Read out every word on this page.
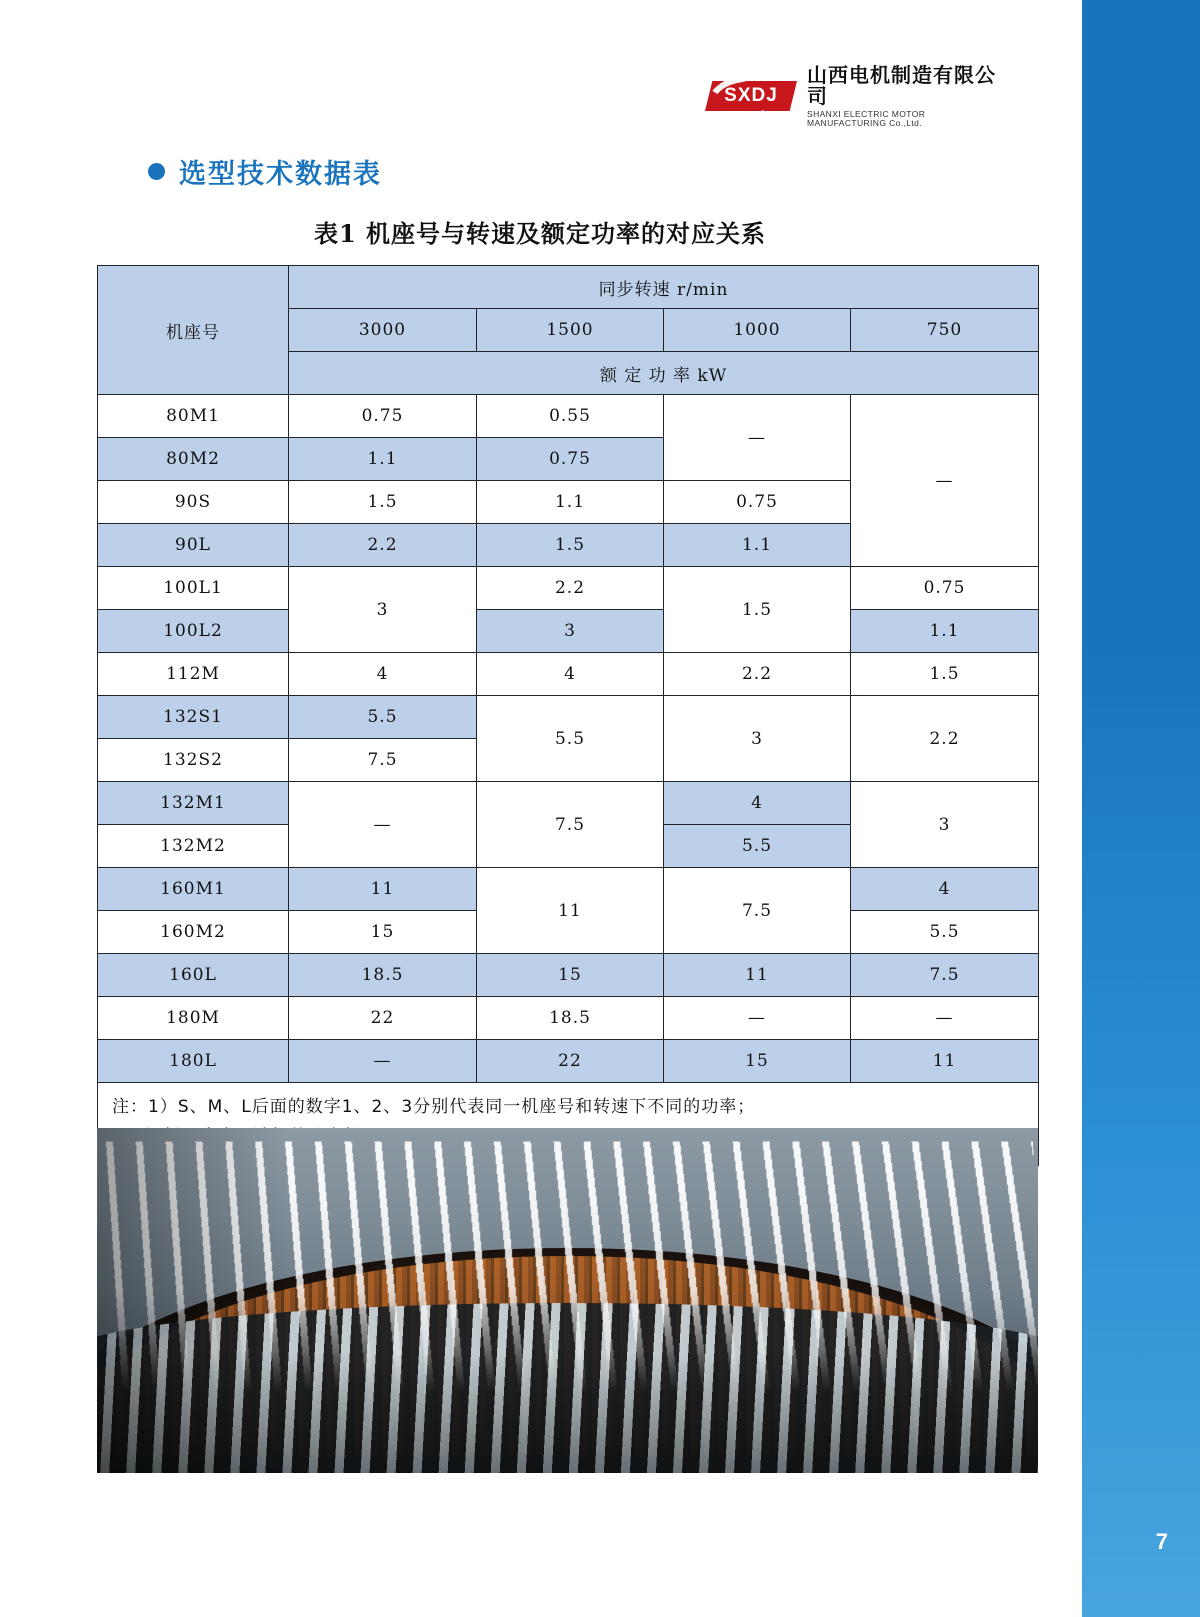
7
SXDJ
山西电机制造有限公司
SHANXI ELECTRIC MOTOR MANUFACTURING Co.,Ltd.
选型技术数据表
表1 机座号与转速及额定功率的对应关系
机座号	同步转速 r/min			
	3000	1500	1000	750
	额 定 功 率 kW			
80M1	0.75	0.55	—	—
80M2	1.1	0.75		
90S	1.5	1.1	0.75	
90L	2.2	1.5	1.1	
100L1	3	2.2	1.5	0.75
100L2		3		1.1
112M	4	4	2.2	1.5
132S1	5.5	5.5	3	2.2
132S2	7.5			
132M1	—	7.5	4	3
132M2			5.5	
160M1	11	11	7.5	4
160M2	15			5.5
160L	18.5	15	11	7.5
180M	22	18.5	—	—
180L	—	22	15	11

注：1）S、M、L后面的数字1、2、3分别代表同一机座号和转速下不同的功率；				
